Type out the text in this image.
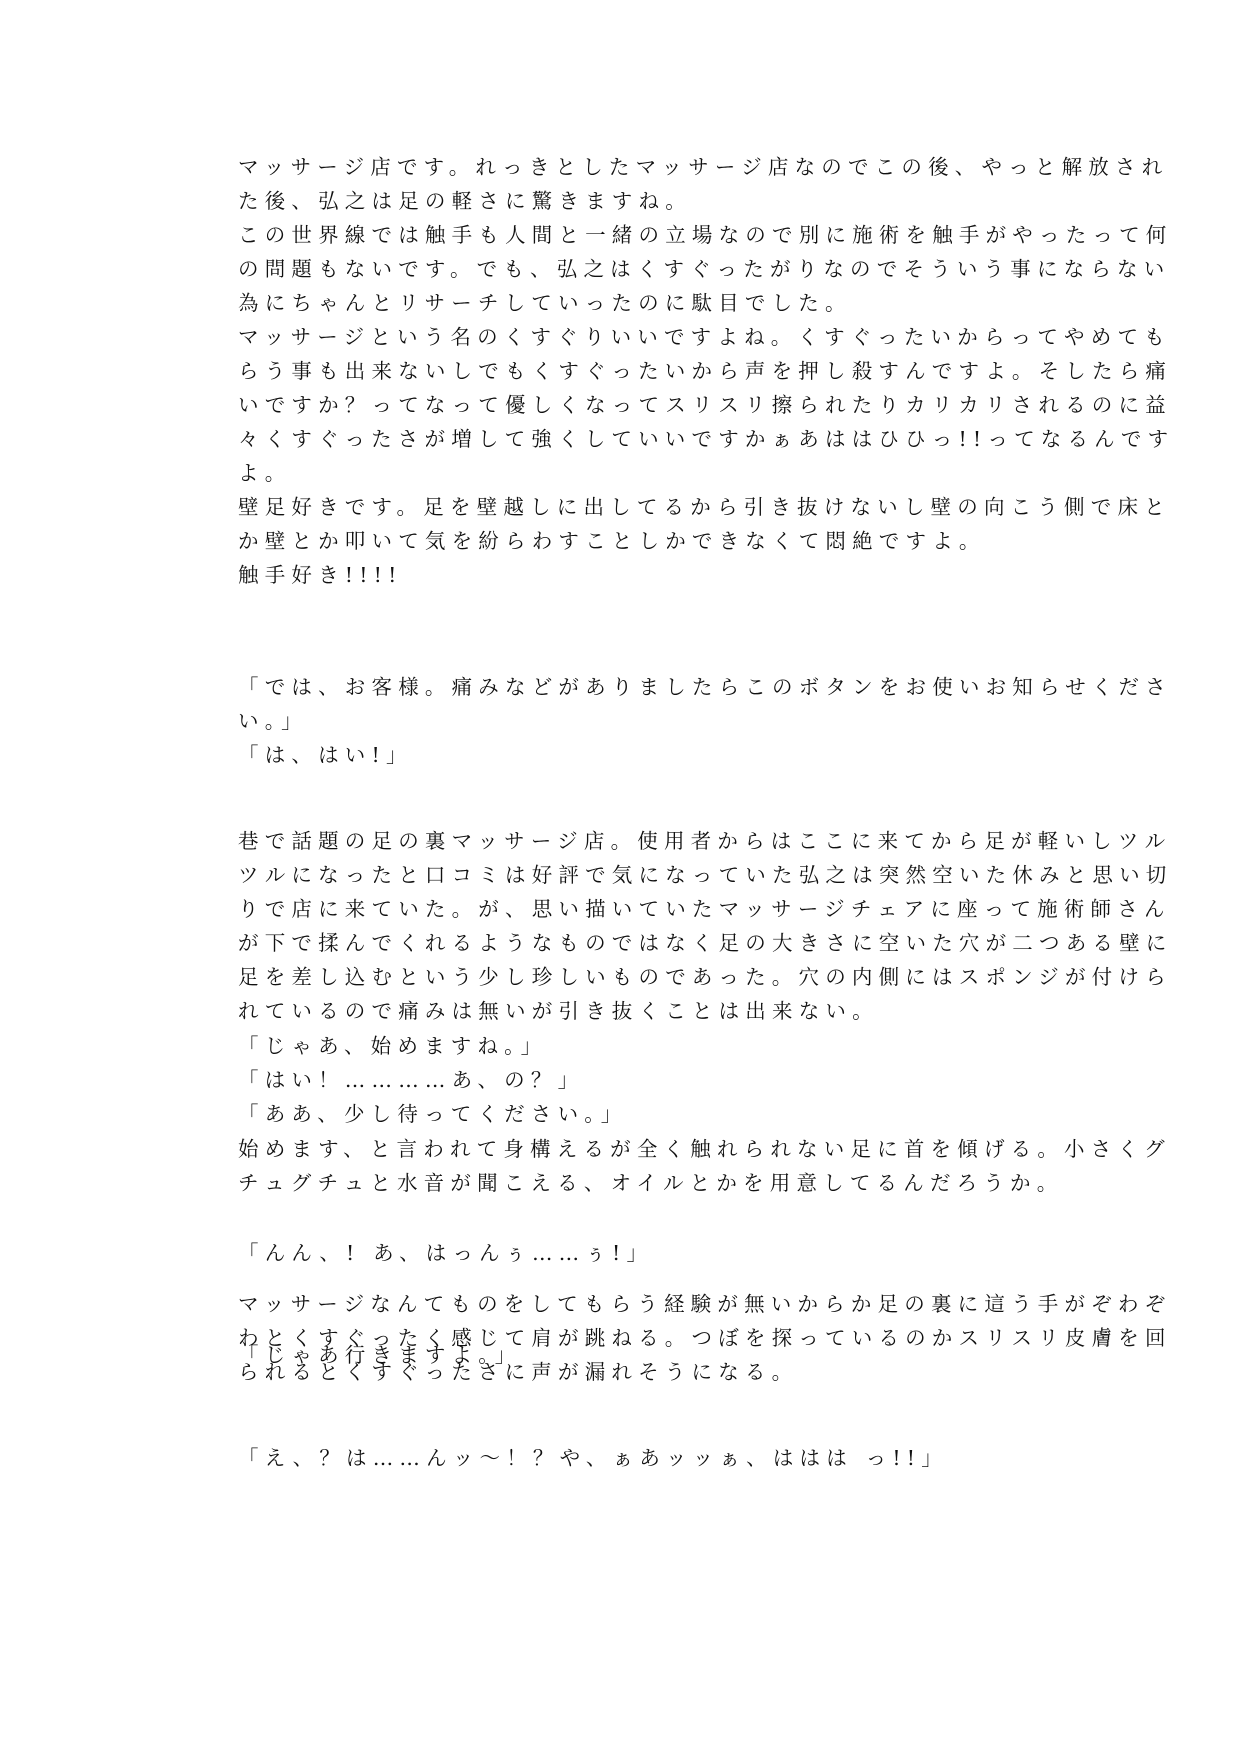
マッサージ店です。れっきとしたマッサージ店なのでこの後、やっと解放され
た後、弘之は足の軽さに驚きますね。
この世界線では触手も人間と一緒の立場なので別に施術を触手がやったって何
の問題もないです。でも、弘之はくすぐったがりなのでそういう事にならない
為にちゃんとリサーチしていったのに駄目でした。
マッサージという名のくすぐりいいですよね。くすぐったいからってやめても
らう事も出来ないしでもくすぐったいから声を押し殺すんですよ。そしたら痛
いですか？ってなって優しくなってスリスリ擦られたりカリカリされるのに益
々くすぐったさが増して強くしていいですかぁあははひひっ!!ってなるんです
よ。
壁足好きです。足を壁越しに出してるから引き抜けないし壁の向こう側で床と
か壁とか叩いて気を紛らわすことしかできなくて悶絶ですよ。
触手好き!!!!
「では、お客様。痛みなどがありましたらこのボタンをお使いお知らせくださ
い。」
「は、はい!」
巷で話題の足の裏マッサージ店。使用者からはここに来てから足が軽いしツル
ツルになったと口コミは好評で気になっていた弘之は突然空いた休みと思い切
りで店に来ていた。が、思い描いていたマッサージチェアに座って施術師さん
が下で揉んでくれるようなものではなく足の大きさに空いた穴が二つある壁に
足を差し込むという少し珍しいものであった。穴の内側にはスポンジが付けら
れているので痛みは無いが引き抜くことは出来ない。
「じゃあ、始めますね。」
「はい！…………あ、の？」
「ああ、少し待ってください。」
始めます、と言われて身構えるが全く触れられない足に首を傾げる。小さくグ
チュグチュと水音が聞こえる、オイルとかを用意してるんだろうか。
「んん、! あ、はっんぅ……ぅ!」
マッサージなんてものをしてもらう経験が無いからか足の裏に這う手がぞわぞ
わとくすぐったく感じて肩が跳ねる。つぼを探っているのかスリスリ皮膚を回
られるとくすぐったさに声が漏れそうになる。
「じゃあ行きますよ。」
「え、？は……んッ〜！？や、ぁあッッぁ、ははは っ!!」
